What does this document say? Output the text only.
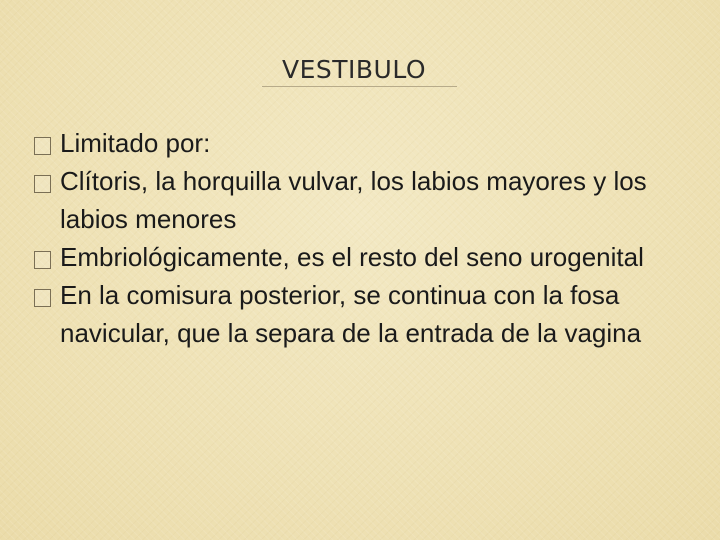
VESTIBULO
Limitado por:
Clítoris, la horquilla vulvar, los labios mayores y los labios menores
Embriológicamente, es el resto del seno urogenital
En la comisura posterior, se continua con la fosa navicular, que la separa de la entrada de la vagina
